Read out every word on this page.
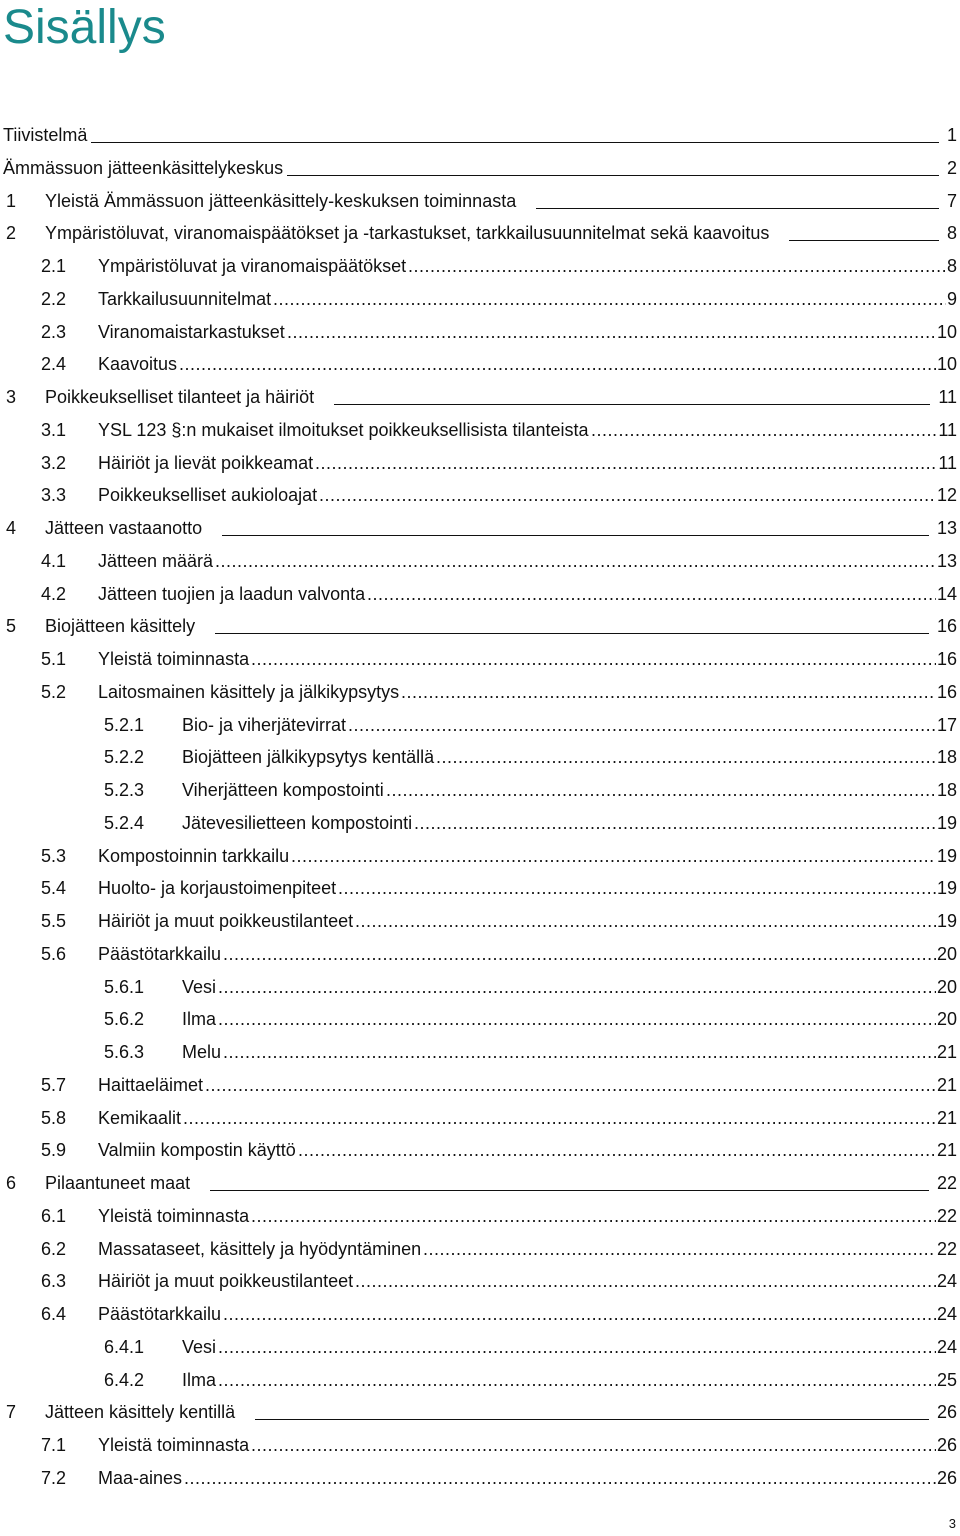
Sisällys
Tiivistelmä	1
Ämmässuon jätteenkäsittelykeskus	2
1 Yleistä Ämmässuon jätteenkäsittely-keskuksen toiminnasta	7
2 Ympäristöluvat, viranomaispäätökset ja -tarkastukset, tarkkailusuunnitelmat sekä kaavoitus	8
2.1 Ympäristöluvat ja viranomaispäätökset .....	8
2.2 Tarkkailusuunnitelmat .....	9
2.3 Viranomaistarkastukset .....	10
2.4 Kaavoitus .....	10
3 Poikkeukselliset tilanteet ja häiriöt	11
3.1 YSL 123 §:n mukaiset ilmoitukset poikkeuksellisista tilanteista .....	11
3.2 Häiriöt ja lievät poikkeamat .....	11
3.3 Poikkeukselliset aukioloajat .....	12
4 Jätteen vastaanotto	13
4.1 Jätteen määrä .....	13
4.2 Jätteen tuojien ja laadun valvonta .....	14
5 Biojätteen käsittely	16
5.1 Yleistä toiminnasta .....	16
5.2 Laitosmainen käsittely ja jälkikypsytys .....	16
5.2.1 Bio- ja viherjätevirrat .....	17
5.2.2 Biojätteen jälkikypsytys kentällä .....	18
5.2.3 Viherjätteen kompostointi .....	18
5.2.4 Jätevesilietteen kompostointi .....	19
5.3 Kompostoinnin tarkkailu .....	19
5.4 Huolto- ja korjaustoimenpiteet .....	19
5.5 Häiriöt ja muut poikkeustilanteet .....	19
5.6 Päästötarkkailu .....	20
5.6.1 Vesi .....	20
5.6.2 Ilma .....	20
5.6.3 Melu .....	21
5.7 Haittaeläimet .....	21
5.8 Kemikaalit .....	21
5.9 Valmiin kompostin käyttö .....	21
6 Pilaantuneet maat	22
6.1 Yleistä toiminnasta .....	22
6.2 Massataseet, käsittely ja hyödyntäminen .....	22
6.3 Häiriöt ja muut poikkeustilanteet .....	24
6.4 Päästötarkkailu .....	24
6.4.1 Vesi .....	24
6.4.2 Ilma .....	25
7 Jätteen käsittely kentillä	26
7.1 Yleistä toiminnasta .....	26
7.2 Maa-aines .....	26
3
